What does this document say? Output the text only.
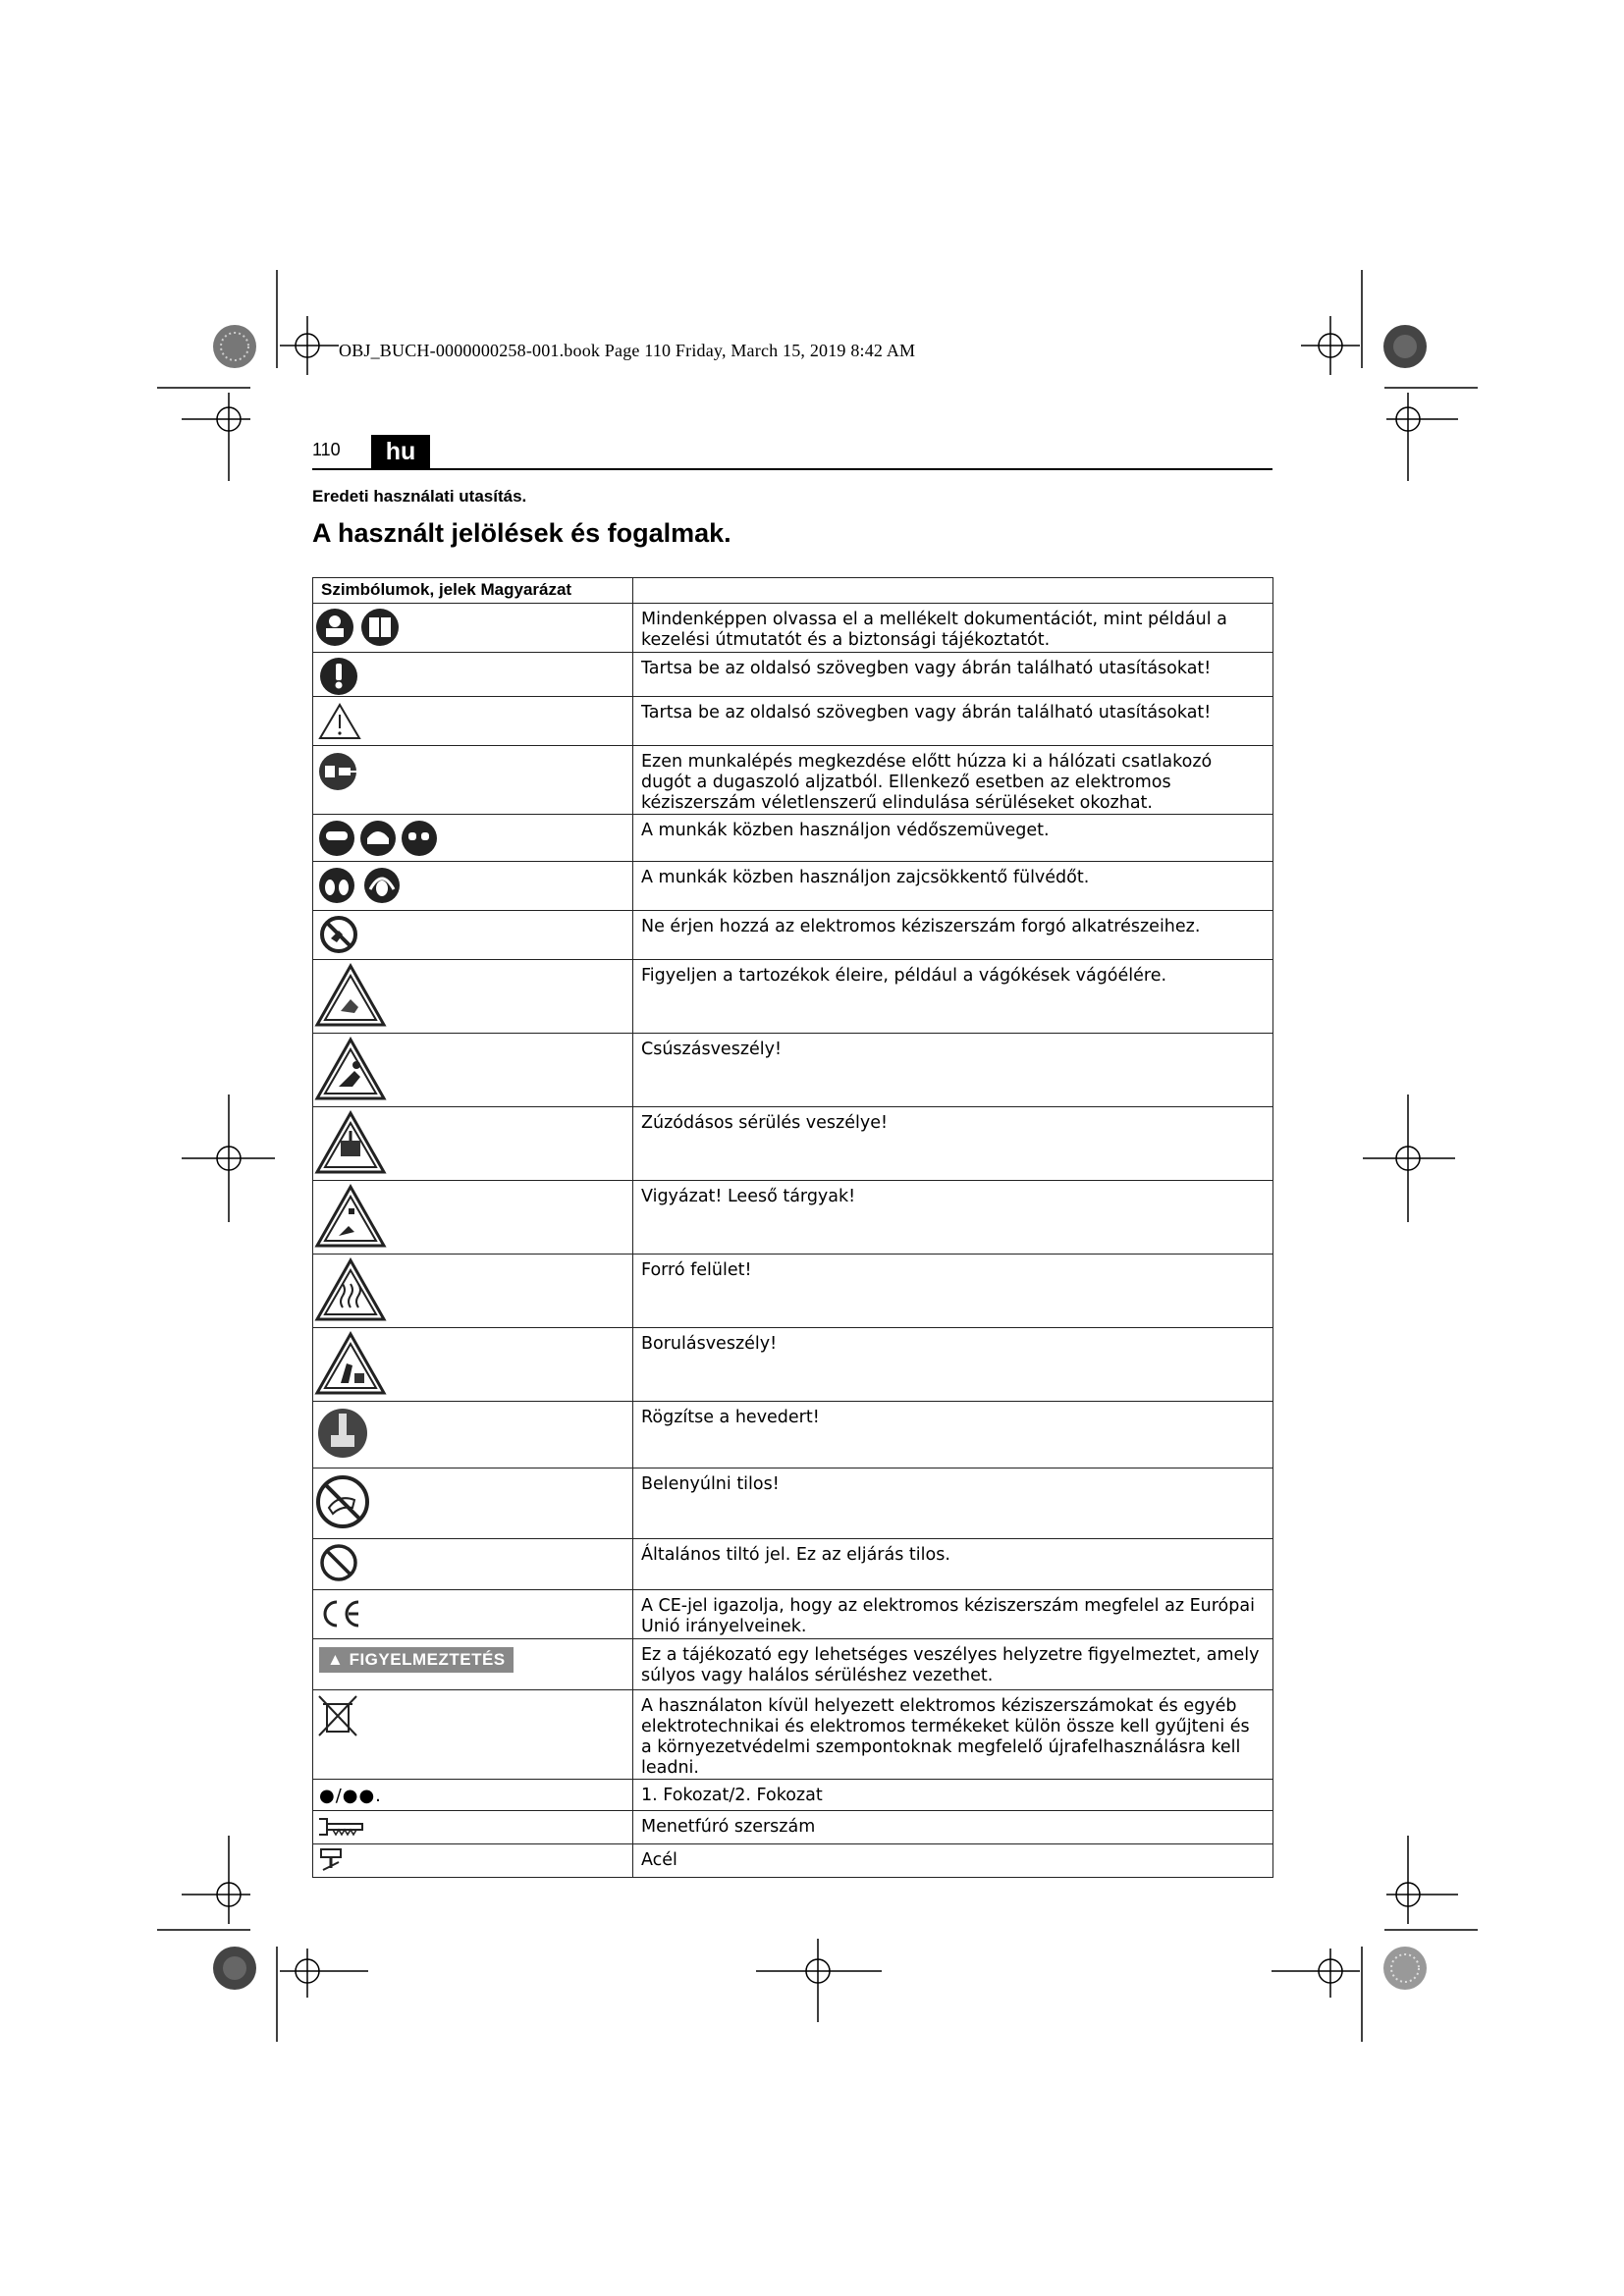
OBJ_BUCH-0000000258-001.book Page 110 Friday, March 15, 2019 8:42 AM
110	hu
Eredeti használati utasítás.
A használt jelölések és fogalmak.
Szimbólumok, jelek Magyarázat	
	Mindenképpen olvassa el a mellékelt dokumentációt, mint például a kezelési útmutatót és a biztonsági tájékoztatót.
	Tartsa be az oldalsó szövegben vagy ábrán található utasításokat!
	Tartsa be az oldalsó szövegben vagy ábrán található utasításokat!
	Ezen munkalépés megkezdése előtt húzza ki a hálózati csatlakozó dugót a dugaszoló aljzatból. Ellenkező esetben az elektromos kéziszerszám véletlenszerű elindulása sérüléseket okozhat.
	A munkák közben használjon védőszemüveget.
	A munkák közben használjon zajcsökkentő fülvédőt.
	Ne érjen hozzá az elektromos kéziszerszám forgó alkatrészeihez.
	Figyeljen a tartozékok éleire, például a vágókések vágóélére.
	Csúszásveszély!
	Zúzódásos sérülés veszélye!
	Vigyázat! Leeső tárgyak!
	Forró felület!
	Borulásveszély!
	Rögzítse a hevedert!
	Belenyúlni tilos!
	Általános tiltó jel. Ez az eljárás tilos.
	A CE-jel igazolja, hogy az elektromos kéziszerszám megfelel az Európai Unió irányelveinek.
▲ FIGYELMEZTETÉS	Ez a tájékozató egy lehetséges veszélyes helyzetre figyelmeztet, amely súlyos vagy halálos sérüléshez vezethet.
	A használaton kívül helyezett elektromos kéziszerszámokat és egyéb elektrotechnikai és elektromos termékeket külön össze kell gyűjteni és a környezetvédelmi szempontoknak megfelelő újrafelhasználásra kell leadni.

●/●●.	1. Fokozat/2. Fokozat
	Menetfúró szerszám
	Acél
